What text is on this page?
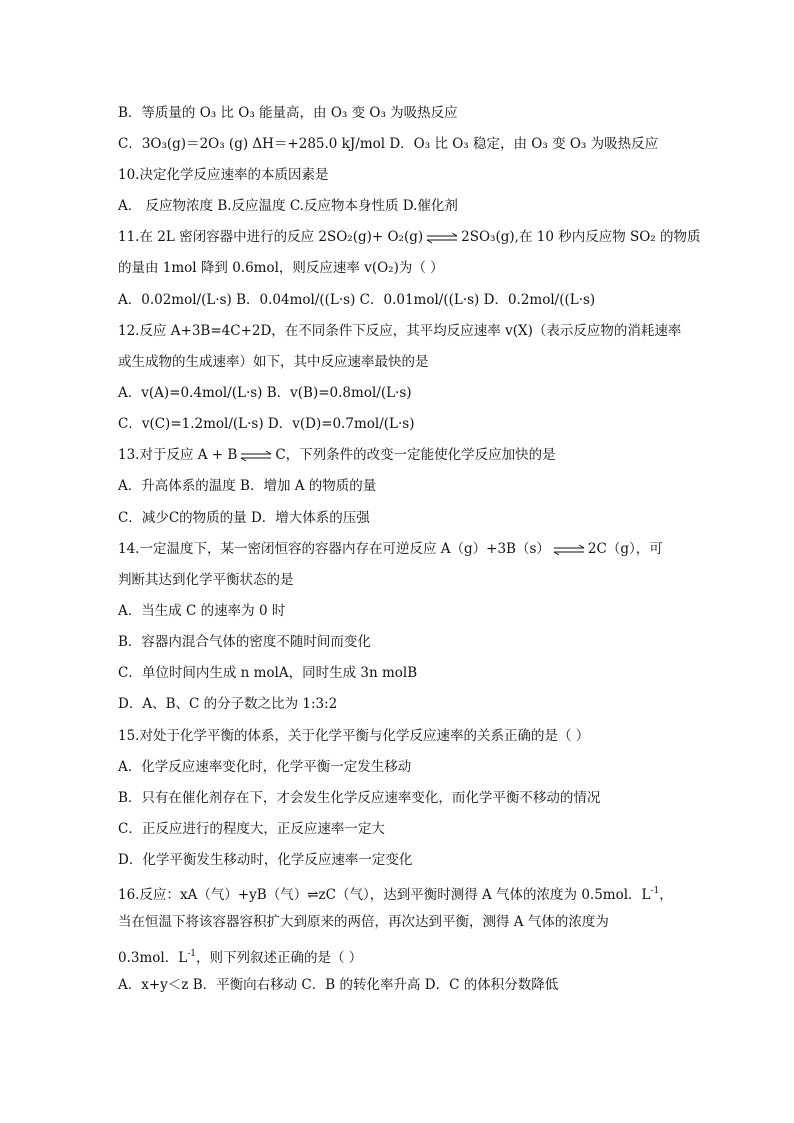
B．等质量的 O₃ 比 O₃ 能量高，由 O₃ 变 O₃ 为吸热反应
C．3O₃(g)＝2O₃ (g) ΔH＝+285.0 kJ/mol D．O₃ 比 O₃ 稳定，由 O₃ 变 O₃ 为吸热反应
10.决定化学反应速率的本质因素是
A． 反应物浓度 B.反应温度 C.反应物本身性质 D.催化剂
11.在 2L 密闭容器中进行的反应 2SO₂(g)+ O₂(g) ⇌ 2SO₃(g),在 10 秒内反应物 SO₂ 的物质
的量由 1mol 降到 0.6mol，则反应速率 v(O₂)为（ ）
A．0.02mol/(L·s) B．0.04mol/((L·s) C．0.01mol/((L·s) D．0.2mol/((L·s)
12.反应 A+3B=4C+2D，在不同条件下反应，其平均反应速率 v(X)（表示反应物的消耗速率
或生成物的生成速率）如下，其中反应速率最快的是
A．v(A)=0.4mol/(L·s) B．v(B)=0.8mol/(L·s)
C．v(C)=1.2mol/(L·s) D．v(D)=0.7mol/(L·s)
13.对于反应 A + B ⇌ C，下列条件的改变一定能使化学反应加快的是
A．升高体系的温度 B．增加 A 的物质的量
C．减少C的物质的量 D．增大体系的压强
14.一定温度下，某一密闭恒容的容器内存在可逆反应 A（g）+3B（s） ⇌ 2C（g），可
判断其达到化学平衡状态的是
A．当生成 C 的速率为 0 时
B．容器内混合气体的密度不随时间而变化
C．单位时间内生成 n molA，同时生成 3n molB
D．A、B、C 的分子数之比为 1:3:2
15.对处于化学平衡的体系，关于化学平衡与化学反应速率的关系正确的是（ ）
A．化学反应速率变化时，化学平衡一定发生移动
B．只有在催化剂存在下，才会发生化学反应速率变化，而化学平衡不移动的情况
C．正反应进行的程度大，正反应速率一定大
D．化学平衡发生移动时，化学反应速率一定变化
16.反应：xA（气）+yB（气）⇌zC（气），达到平衡时测得 A 气体的浓度为 0.5mol．$L^{-1}$，
当在恒温下将该容器容积扩大到原来的两倍，再次达到平衡，测得 A 气体的浓度为
0.3mol．$L^{-1}$，则下列叙述正确的是（ ）
A．x+y＜z B．平衡向右移动 C．B 的转化率升高 D．C 的体积分数降低
